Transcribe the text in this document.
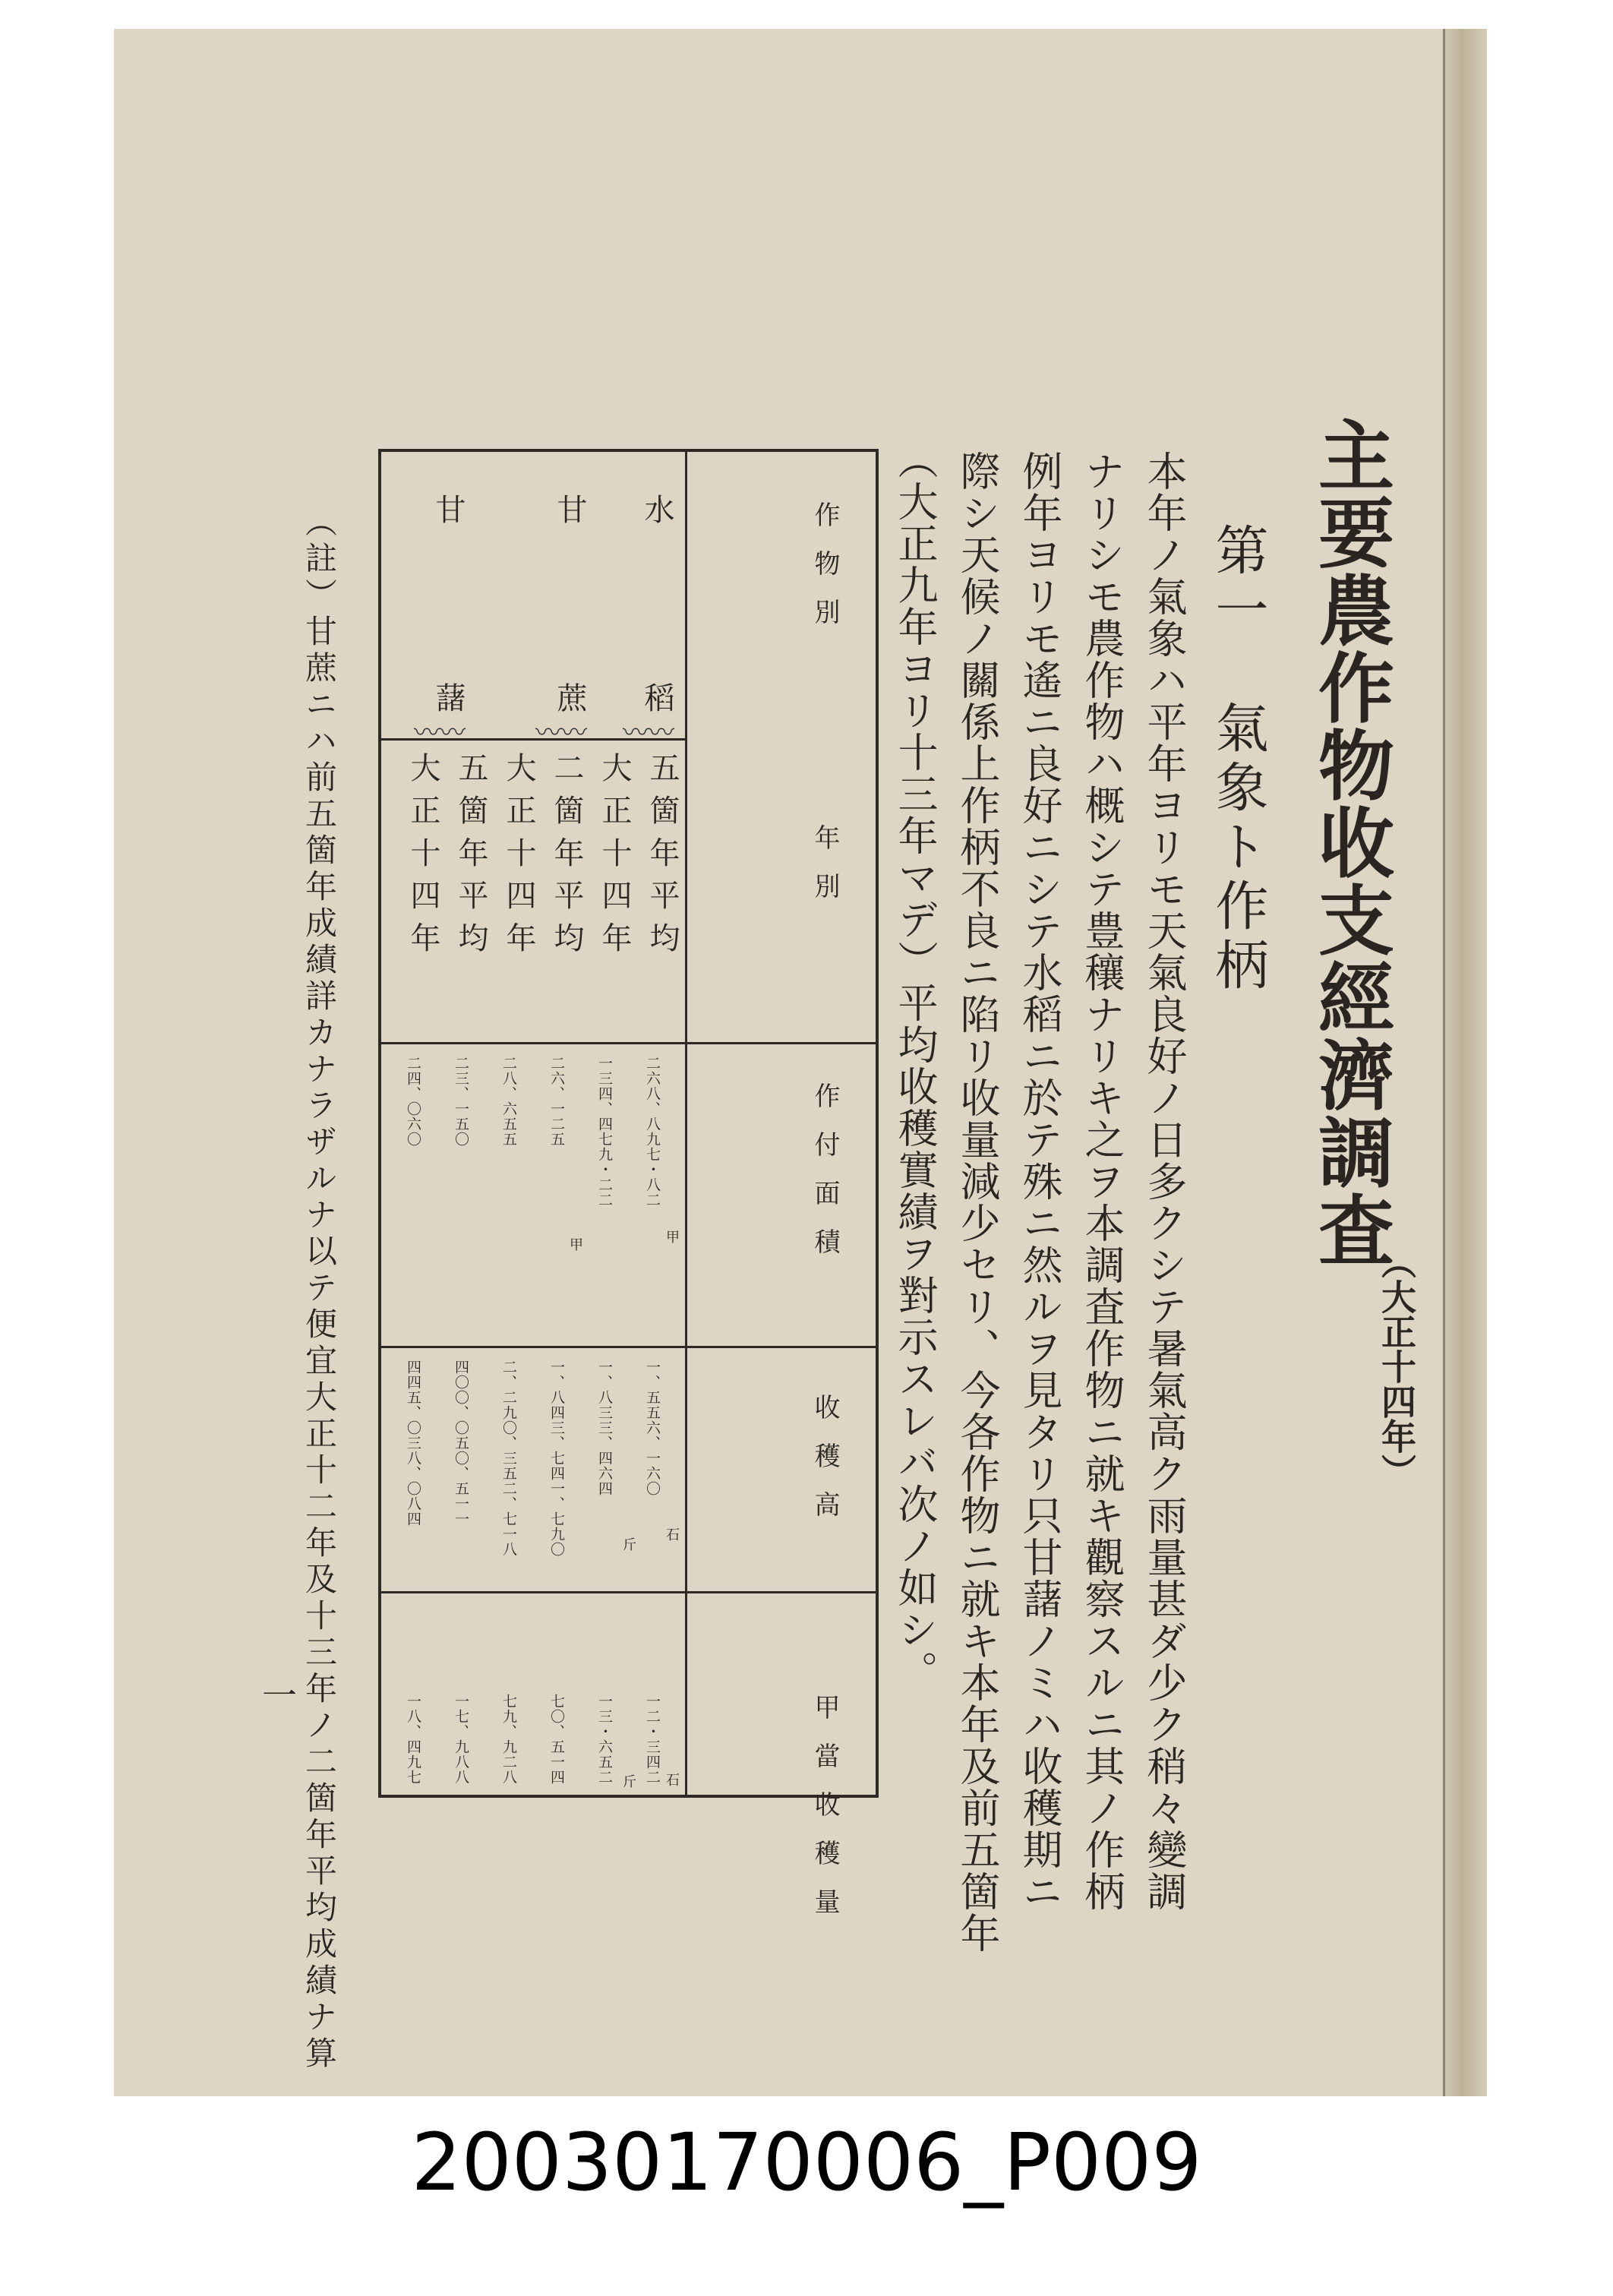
主要農作物收支經濟調査
（大正十四年）
第一　氣象ト作柄
本年ノ氣象ハ平年ヨリモ天氣良好ノ日多クシテ暑氣高ク雨量甚ダ少ク稍々變調
ナリシモ農作物ハ概シテ豊穰ナリキ之ヲ本調査作物ニ就キ觀察スルニ其ノ作柄
例年ヨリモ遙ニ良好ニシテ水稻ニ於テ殊ニ然ルヲ見タリ只甘藷ノミハ收穫期ニ
際シ天候ノ關係上作柄不良ニ陷リ收量減少セリ、今各作物ニ就キ本年及前五箇年
（大正九年ヨリ十三年マデ）平均收穫實績ヲ對示スレバ次ノ如シ。
作物別
年別
作付面積
收穫高
甲當收穫量
水
稻
〰〰
甘
蔗
〰〰
甘
藷
〰〰
五箇年平均
大正十四年
二箇年平均
大正十四年
五箇年平均
大正十四年
甲
甲
石
斤
石
斤
二六八、八九七・八二
一三四、四七九・二二
二六、一二五
二八、六五五
二三、一五〇
二四、〇六〇
一、五五六、一六〇
一、八三三、四六四
一、八四三、七四一、七九〇
二、二九〇、三五二、七一八
四〇〇、〇五〇、五一一
四四五、〇三八、〇八四
一二・三四二
一三・六五二
七〇、五一四
七九、九二八
一七、九八八
一八、四九七
（註）甘蔗ニハ前五箇年成績詳カナラザルナ以テ便宜大正十二年及十三年ノ二箇年平均成績ナ算
一
20030170006_P009
